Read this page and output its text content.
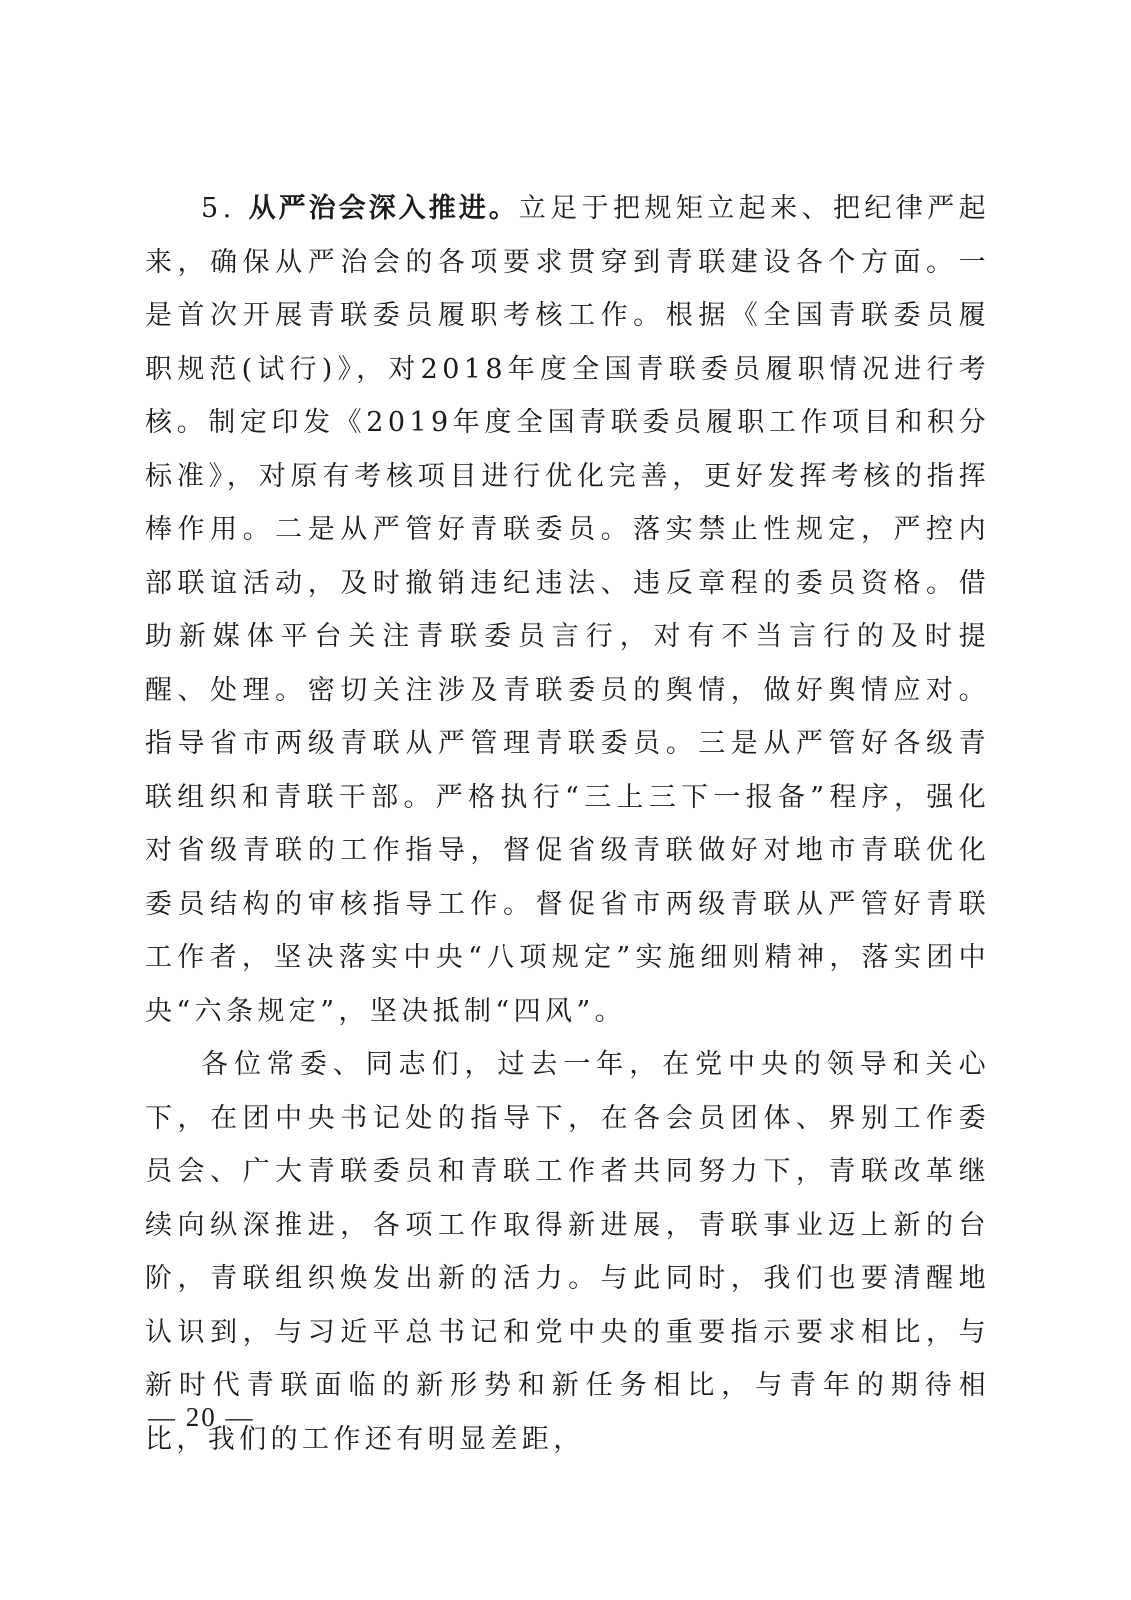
5. 从严治会深入推进。立足于把规矩立起来、把纪律严起来，确保从严治会的各项要求贯穿到青联建设各个方面。一是首次开展青联委员履职考核工作。根据《全国青联委员履职规范(试行)》，对2018年度全国青联委员履职情况进行考核。制定印发《2019年度全国青联委员履职工作项目和积分标准》，对原有考核项目进行优化完善，更好发挥考核的指挥棒作用。二是从严管好青联委员。落实禁止性规定，严控内部联谊活动，及时撤销违纪违法、违反章程的委员资格。借助新媒体平台关注青联委员言行，对有不当言行的及时提醒、处理。密切关注涉及青联委员的舆情，做好舆情应对。指导省市两级青联从严管理青联委员。三是从严管好各级青联组织和青联干部。严格执行“三上三下一报备”程序，强化对省级青联的工作指导，督促省级青联做好对地市青联优化委员结构的审核指导工作。督促省市两级青联从严管好青联工作者，坚决落实中央“八项规定”实施细则精神，落实团中央“六条规定”，坚决抵制“四风”。

各位常委、同志们，过去一年，在党中央的领导和关心下，在团中央书记处的指导下，在各会员团体、界别工作委员会、广大青联委员和青联工作者共同努力下，青联改革继续向纵深推进，各项工作取得新进展，青联事业迈上新的台阶，青联组织焕发出新的活力。与此同时，我们也要清醒地认识到，与习近平总书记和党中央的重要指示要求相比，与新时代青联面临的新形势和新任务相比，与青年的期待相比，我们的工作还有明显差距，

— 20 —
